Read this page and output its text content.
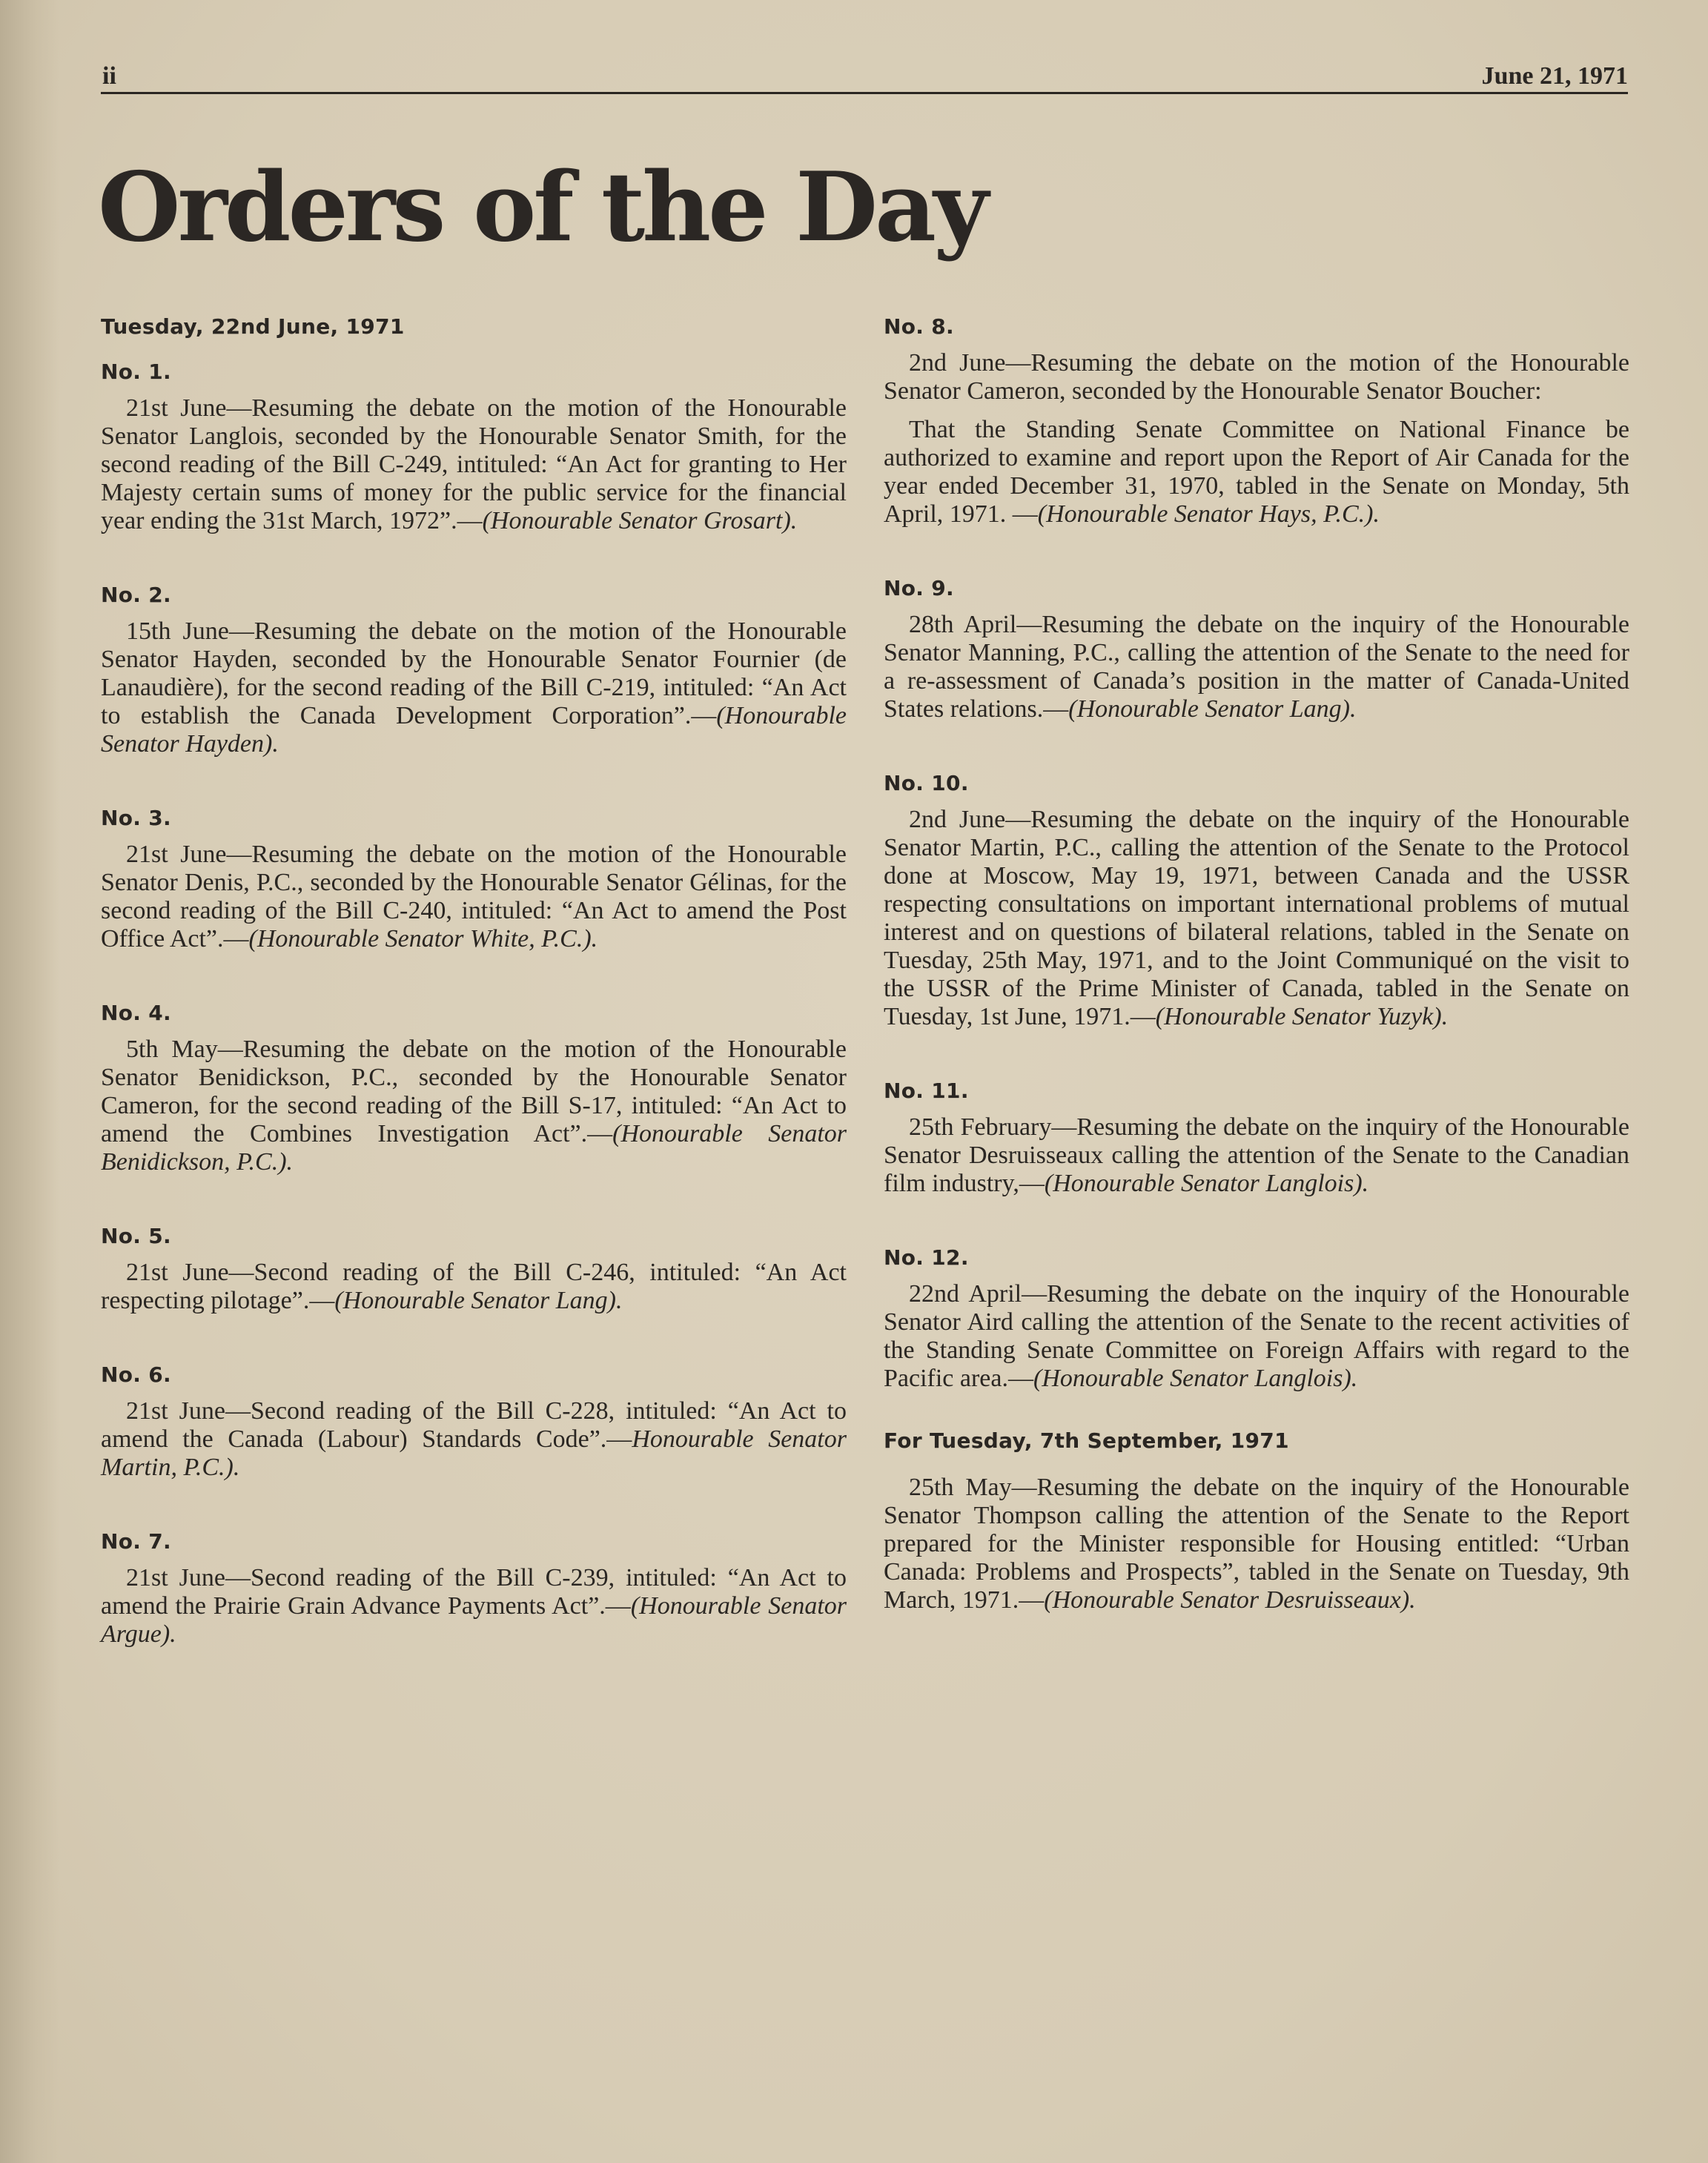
ii	June 21, 1971
Orders of the Day
Tuesday, 22nd June, 1971
No. 1.

21st June—Resuming the debate on the motion of the Honourable Senator Langlois, seconded by the Honourable Senator Smith, for the second reading of the Bill C-249, intituled: “An Act for granting to Her Majesty certain sums of money for the public service for the financial year ending the 31st March, 1972”.—(Honourable Senator Grosart).

No. 2.

15th June—Resuming the debate on the motion of the Honourable Senator Hayden, seconded by the Honourable Senator Fournier (de Lanaudière), for the second reading of the Bill C-219, intituled: “An Act to establish the Canada Development Corporation”.—(Honourable Senator Hayden).

No. 3.

21st June—Resuming the debate on the motion of the Honourable Senator Denis, P.C., seconded by the Honourable Senator Gélinas, for the second reading of the Bill C-240, intituled: “An Act to amend the Post Office Act”.—(Honourable Senator White, P.C.).

No. 4.

5th May—Resuming the debate on the motion of the Honourable Senator Benidickson, P.C., seconded by the Honourable Senator Cameron, for the second reading of the Bill S-17, intituled: “An Act to amend the Combines Investigation Act”.—(Honourable Senator Benidickson, P.C.).

No. 5.

21st June—Second reading of the Bill C-246, intituled: “An Act respecting pilotage”.—(Honourable Senator Lang).

No. 6.

21st June—Second reading of the Bill C-228, intituled: “An Act to amend the Canada (Labour) Standards Code”.—Honourable Senator Martin, P.C.).

No. 7.

21st June—Second reading of the Bill C-239, intituled: “An Act to amend the Prairie Grain Advance Payments Act”.—(Honourable Senator Argue).

No. 8.

2nd June—Resuming the debate on the motion of the Honourable Senator Cameron, seconded by the Honourable Senator Boucher:

That the Standing Senate Committee on National Finance be authorized to examine and report upon the Report of Air Canada for the year ended December 31, 1970, tabled in the Senate on Monday, 5th April, 1971. —(Honourable Senator Hays, P.C.).

No. 9.

28th April—Resuming the debate on the inquiry of the Honourable Senator Manning, P.C., calling the attention of the Senate to the need for a re-assessment of Canada’s position in the matter of Canada-United States relations.—(Honourable Senator Lang).

No. 10.

2nd June—Resuming the debate on the inquiry of the Honourable Senator Martin, P.C., calling the attention of the Senate to the Protocol done at Moscow, May 19, 1971, between Canada and the USSR respecting consultations on important international problems of mutual interest and on questions of bilateral relations, tabled in the Senate on Tuesday, 25th May, 1971, and to the Joint Communiqué on the visit to the USSR of the Prime Minister of Canada, tabled in the Senate on Tuesday, 1st June, 1971.—(Honourable Senator Yuzyk).

No. 11.

25th February—Resuming the debate on the inquiry of the Honourable Senator Desruisseaux calling the attention of the Senate to the Canadian film industry,—(Honourable Senator Langlois).

No. 12.

22nd April—Resuming the debate on the inquiry of the Honourable Senator Aird calling the attention of the Senate to the recent activities of the Standing Senate Committee on Foreign Affairs with regard to the Pacific area.—(Honourable Senator Langlois).

For Tuesday, 7th September, 1971

25th May—Resuming the debate on the inquiry of the Honourable Senator Thompson calling the attention of the Senate to the Report prepared for the Minister responsible for Housing entitled: “Urban Canada: Problems and Prospects”, tabled in the Senate on Tuesday, 9th March, 1971.—(Honourable Senator Desruisseaux).
